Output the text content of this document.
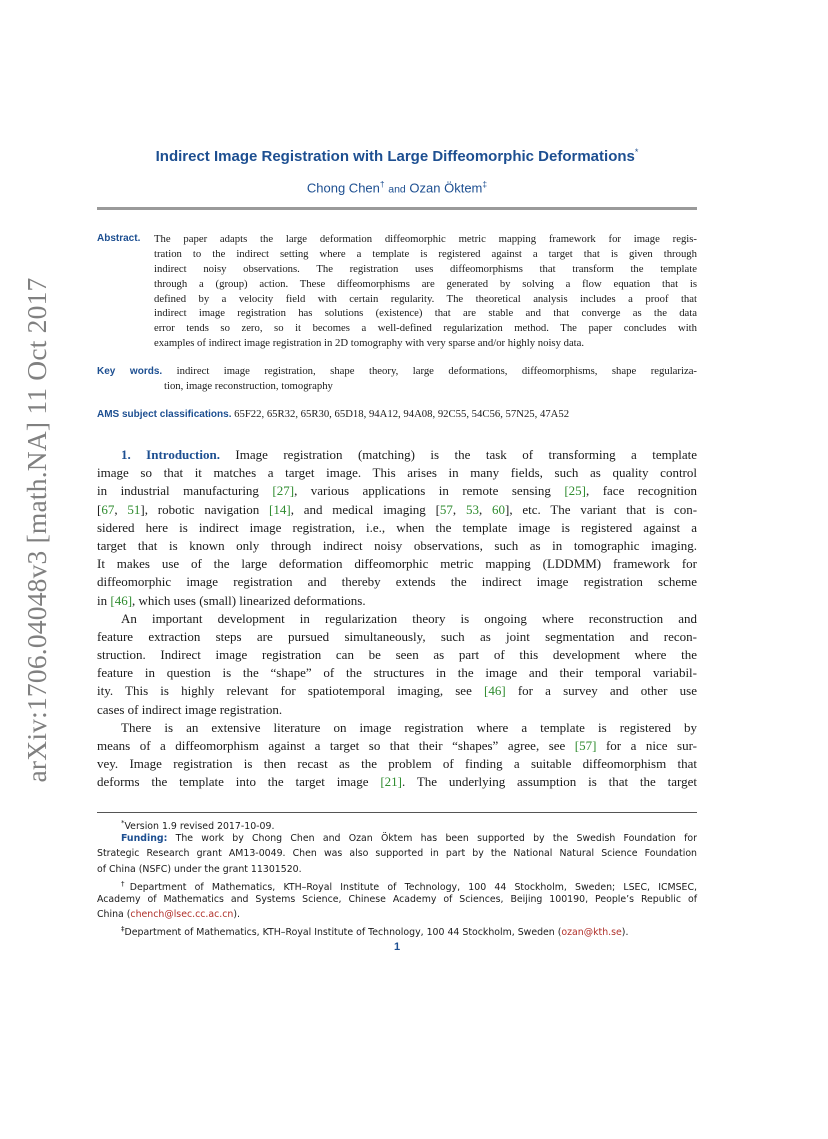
arXiv:1706.04048v3 [math.NA] 11 Oct 2017
Indirect Image Registration with Large Diffeomorphic Deformations*
Chong Chen† and Ozan Öktem‡
Abstract. The paper adapts the large deformation diffeomorphic metric mapping framework for image regis-
tration to the indirect setting where a template is registered against a target that is given through
indirect noisy observations. The registration uses diffeomorphisms that transform the template
through a (group) action. These diffeomorphisms are generated by solving a flow equation that is
defined by a velocity field with certain regularity. The theoretical analysis includes a proof that
indirect image registration has solutions (existence) that are stable and that converge as the data
error tends so zero, so it becomes a well-defined regularization method. The paper concludes with
examples of indirect image registration in 2D tomography with very sparse and/or highly noisy data.
Key words. indirect image registration, shape theory, large deformations, diffeomorphisms, shape regulariza-
tion, image reconstruction, tomography
AMS subject classifications. 65F22, 65R32, 65R30, 65D18, 94A12, 94A08, 92C55, 54C56, 57N25, 47A52
1. Introduction. Image registration (matching) is the task of transforming a template
image so that it matches a target image. This arises in many fields, such as quality control
in industrial manufacturing [27], various applications in remote sensing [25], face recognition
[67, 51], robotic navigation [14], and medical imaging [57, 53, 60], etc. The variant that is con-
sidered here is indirect image registration, i.e., when the template image is registered against a
target that is known only through indirect noisy observations, such as in tomographic imaging.
It makes use of the large deformation diffeomorphic metric mapping (LDDMM) framework for
diffeomorphic image registration and thereby extends the indirect image registration scheme
in [46], which uses (small) linearized deformations.
An important development in regularization theory is ongoing where reconstruction and
feature extraction steps are pursued simultaneously, such as joint segmentation and recon-
struction. Indirect image registration can be seen as part of this development where the
feature in question is the “shape” of the structures in the image and their temporal variabil-
ity. This is highly relevant for spatiotemporal imaging, see [46] for a survey and other use
cases of indirect image registration.
There is an extensive literature on image registration where a template is registered by
means of a diffeomorphism against a target so that their “shapes” agree, see [57] for a nice sur-
vey. Image registration is then recast as the problem of finding a suitable diffeomorphism that
deforms the template into the target image [21]. The underlying assumption is that the target
*Version 1.9 revised 2017-10-09.
Funding: The work by Chong Chen and Ozan Öktem has been supported by the Swedish Foundation for
Strategic Research grant AM13-0049. Chen was also supported in part by the National Natural Science Foundation
of China (NSFC) under the grant 11301520.
†Department of Mathematics, KTH–Royal Institute of Technology, 100 44 Stockholm, Sweden; LSEC, ICMSEC,
Academy of Mathematics and Systems Science, Chinese Academy of Sciences, Beijing 100190, People’s Republic of
China (chench@lsec.cc.ac.cn).
‡Department of Mathematics, KTH–Royal Institute of Technology, 100 44 Stockholm, Sweden (ozan@kth.se).
1
